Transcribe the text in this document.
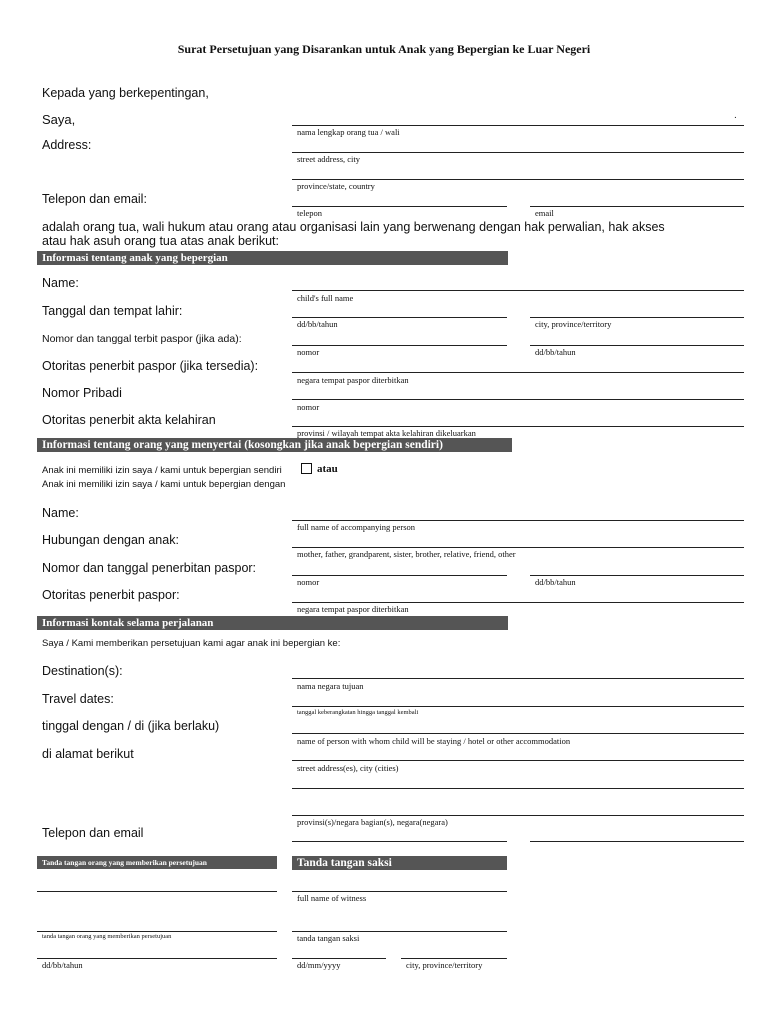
Surat Persetujuan yang Disarankan untuk Anak yang Bepergian ke Luar Negeri
Kepada yang berkepentingan,
Saya,	.
nama lengkap orang tua / wali
Address:
street address, city
province/state, country
Telepon dan email:
telepon	email
adalah orang tua, wali hukum atau orang atau organisasi lain yang berwenang dengan hak perwalian, hak akses
atau hak asuh orang tua atas anak berikut:
Informasi tentang anak yang bepergian
Name:
child's full name
Tanggal dan tempat lahir:
dd/bb/tahun	city, province/territory
Nomor dan tanggal terbit paspor (jika ada):
nomor	dd/bb/tahun
Otoritas penerbit paspor (jika tersedia):
negara tempat paspor diterbitkan
Nomor Pribadi
nomor
Otoritas penerbit akta kelahiran
provinsi / wilayah tempat akta kelahiran dikeluarkan
Informasi tentang orang yang menyertai (kosongkan jika anak bepergian sendiri)
Anak ini memiliki izin saya / kami untuk bepergian sendiri	atau
Anak ini memiliki izin saya / kami untuk bepergian dengan
Name:
full name of accompanying person
Hubungan dengan anak:
mother, father, grandparent, sister, brother, relative, friend, other
Nomor dan tanggal penerbitan paspor:
nomor	dd/bb/tahun
Otoritas penerbit paspor:
negara tempat paspor diterbitkan
Informasi kontak selama perjalanan
Saya / Kami memberikan persetujuan kami agar anak ini bepergian ke:
Destination(s):
nama negara tujuan
Travel dates:
tanggal keberangkatan hingga tanggal kembali
tinggal dengan / di (jika berlaku)
name of person with whom child will be staying / hotel or other accommodation
di alamat berikut
street address(es), city (cities)
provinsi(s)/negara bagian(s), negara(negara)
Telepon dan email
Tanda tangan orang yang memberikan persetujuan	Tanda tangan saksi
full name of witness
tanda tangan orang yang memberikan persetujuan	tanda tangan saksi
dd/bb/tahun	dd/mm/yyyy	city, province/territory
